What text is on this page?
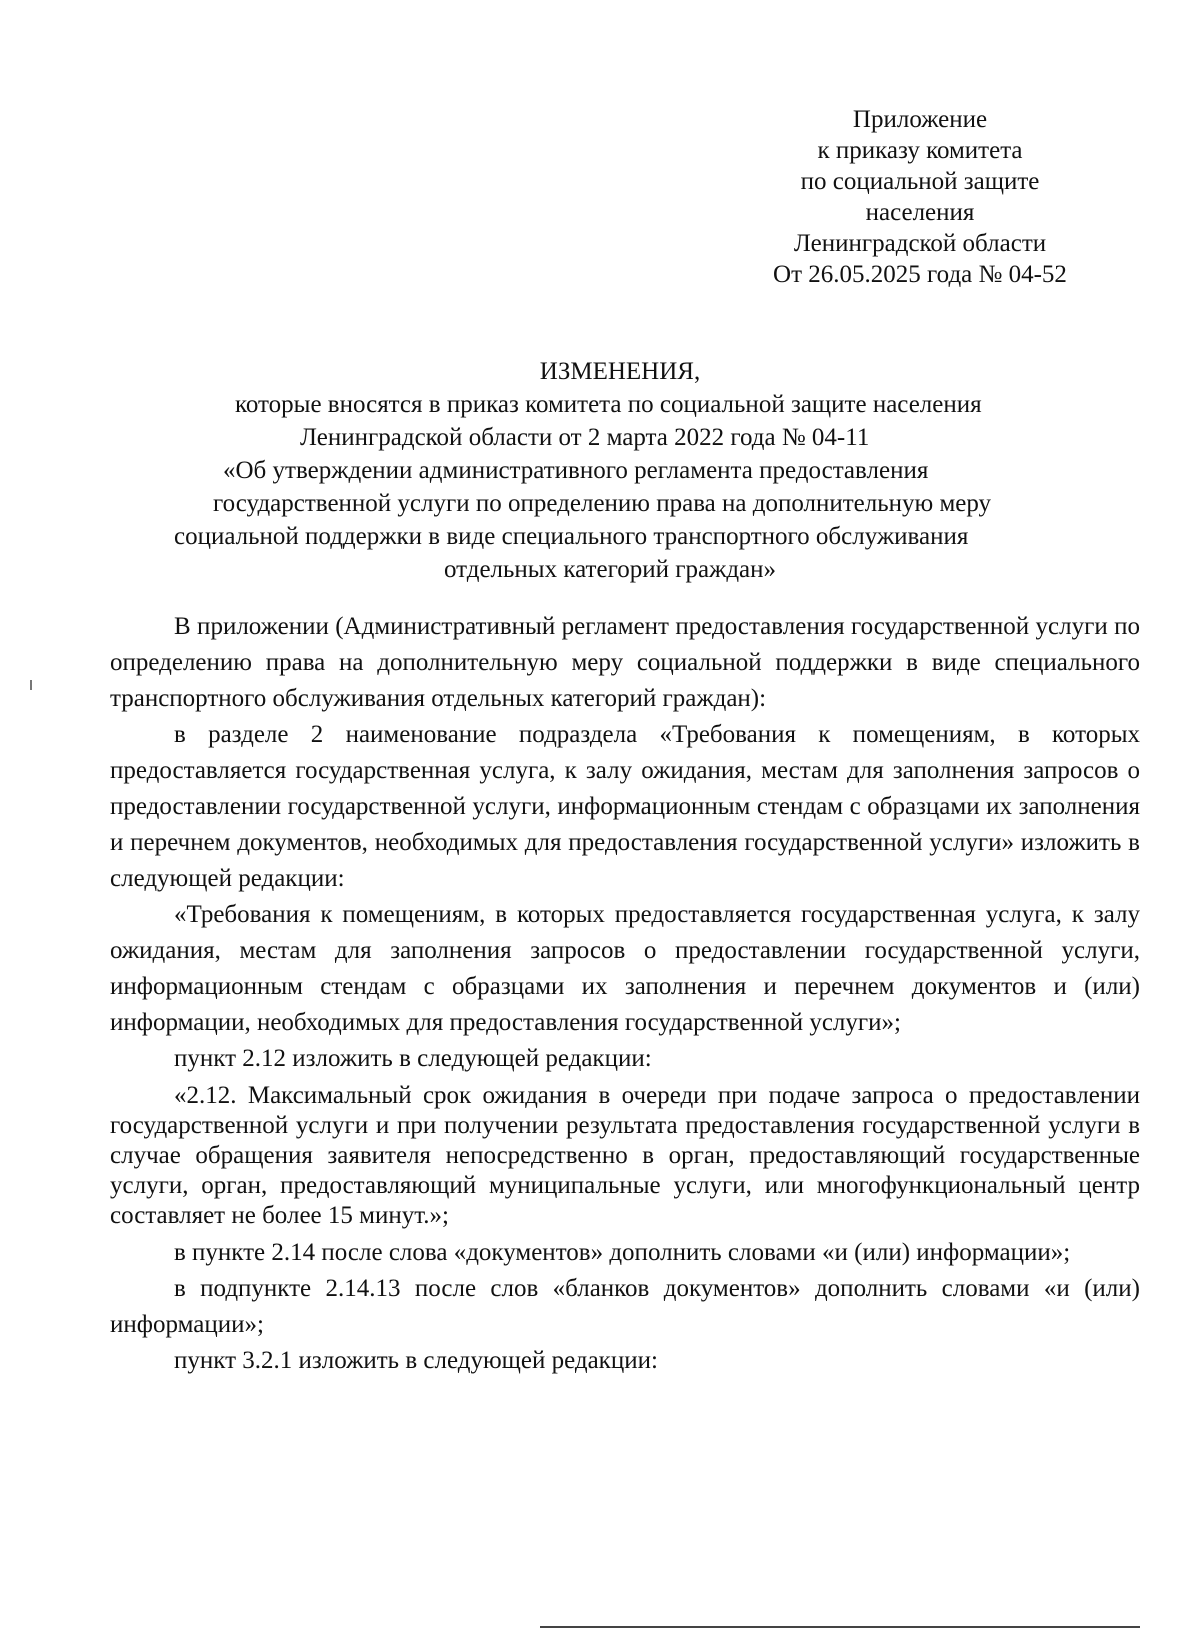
Приложение
к приказу комитета
по социальной защите
населения
Ленинградской области
От 26.05.2025 года № 04-52
ИЗМЕНЕНИЯ,
которые вносятся в приказ комитета по социальной защите населения
Ленинградской области от 2 марта 2022 года № 04-11
«Об утверждении административного регламента предоставления
государственной услуги по определению права на дополнительную меру
социальной поддержки в виде специального транспортного обслуживания
отдельных категорий граждан»

В приложении (Административный регламент предоставления государственной услуги по определению права на дополнительную меру социальной поддержки в виде специального транспортного обслуживания отдельных категорий граждан):

в разделе 2 наименование подраздела «Требования к помещениям, в которых предоставляется государственная услуга, к залу ожидания, местам для заполнения запросов о предоставлении государственной услуги, информационным стендам с образцами их заполнения и перечнем документов, необходимых для предоставления государственной услуги» изложить в следующей редакции:

«Требования к помещениям, в которых предоставляется государственная услуга, к залу ожидания, местам для заполнения запросов о предоставлении государственной услуги, информационным стендам с образцами их заполнения и перечнем документов и (или) информации, необходимых для предоставления государственной услуги»;

пункт 2.12 изложить в следующей редакции:

«2.12. Максимальный срок ожидания в очереди при подаче запроса о предоставлении государственной услуги и при получении результата предоставления государственной услуги в случае обращения заявителя непосредственно в орган, предоставляющий государственные услуги, орган, предоставляющий муниципальные услуги, или многофункциональный центр составляет не более 15 минут.»;

в пункте 2.14 после слова «документов» дополнить словами «и (или) информации»;

в подпункте 2.14.13 после слов «бланков документов» дополнить словами «и (или) информации»;

пункт 3.2.1 изложить в следующей редакции:
